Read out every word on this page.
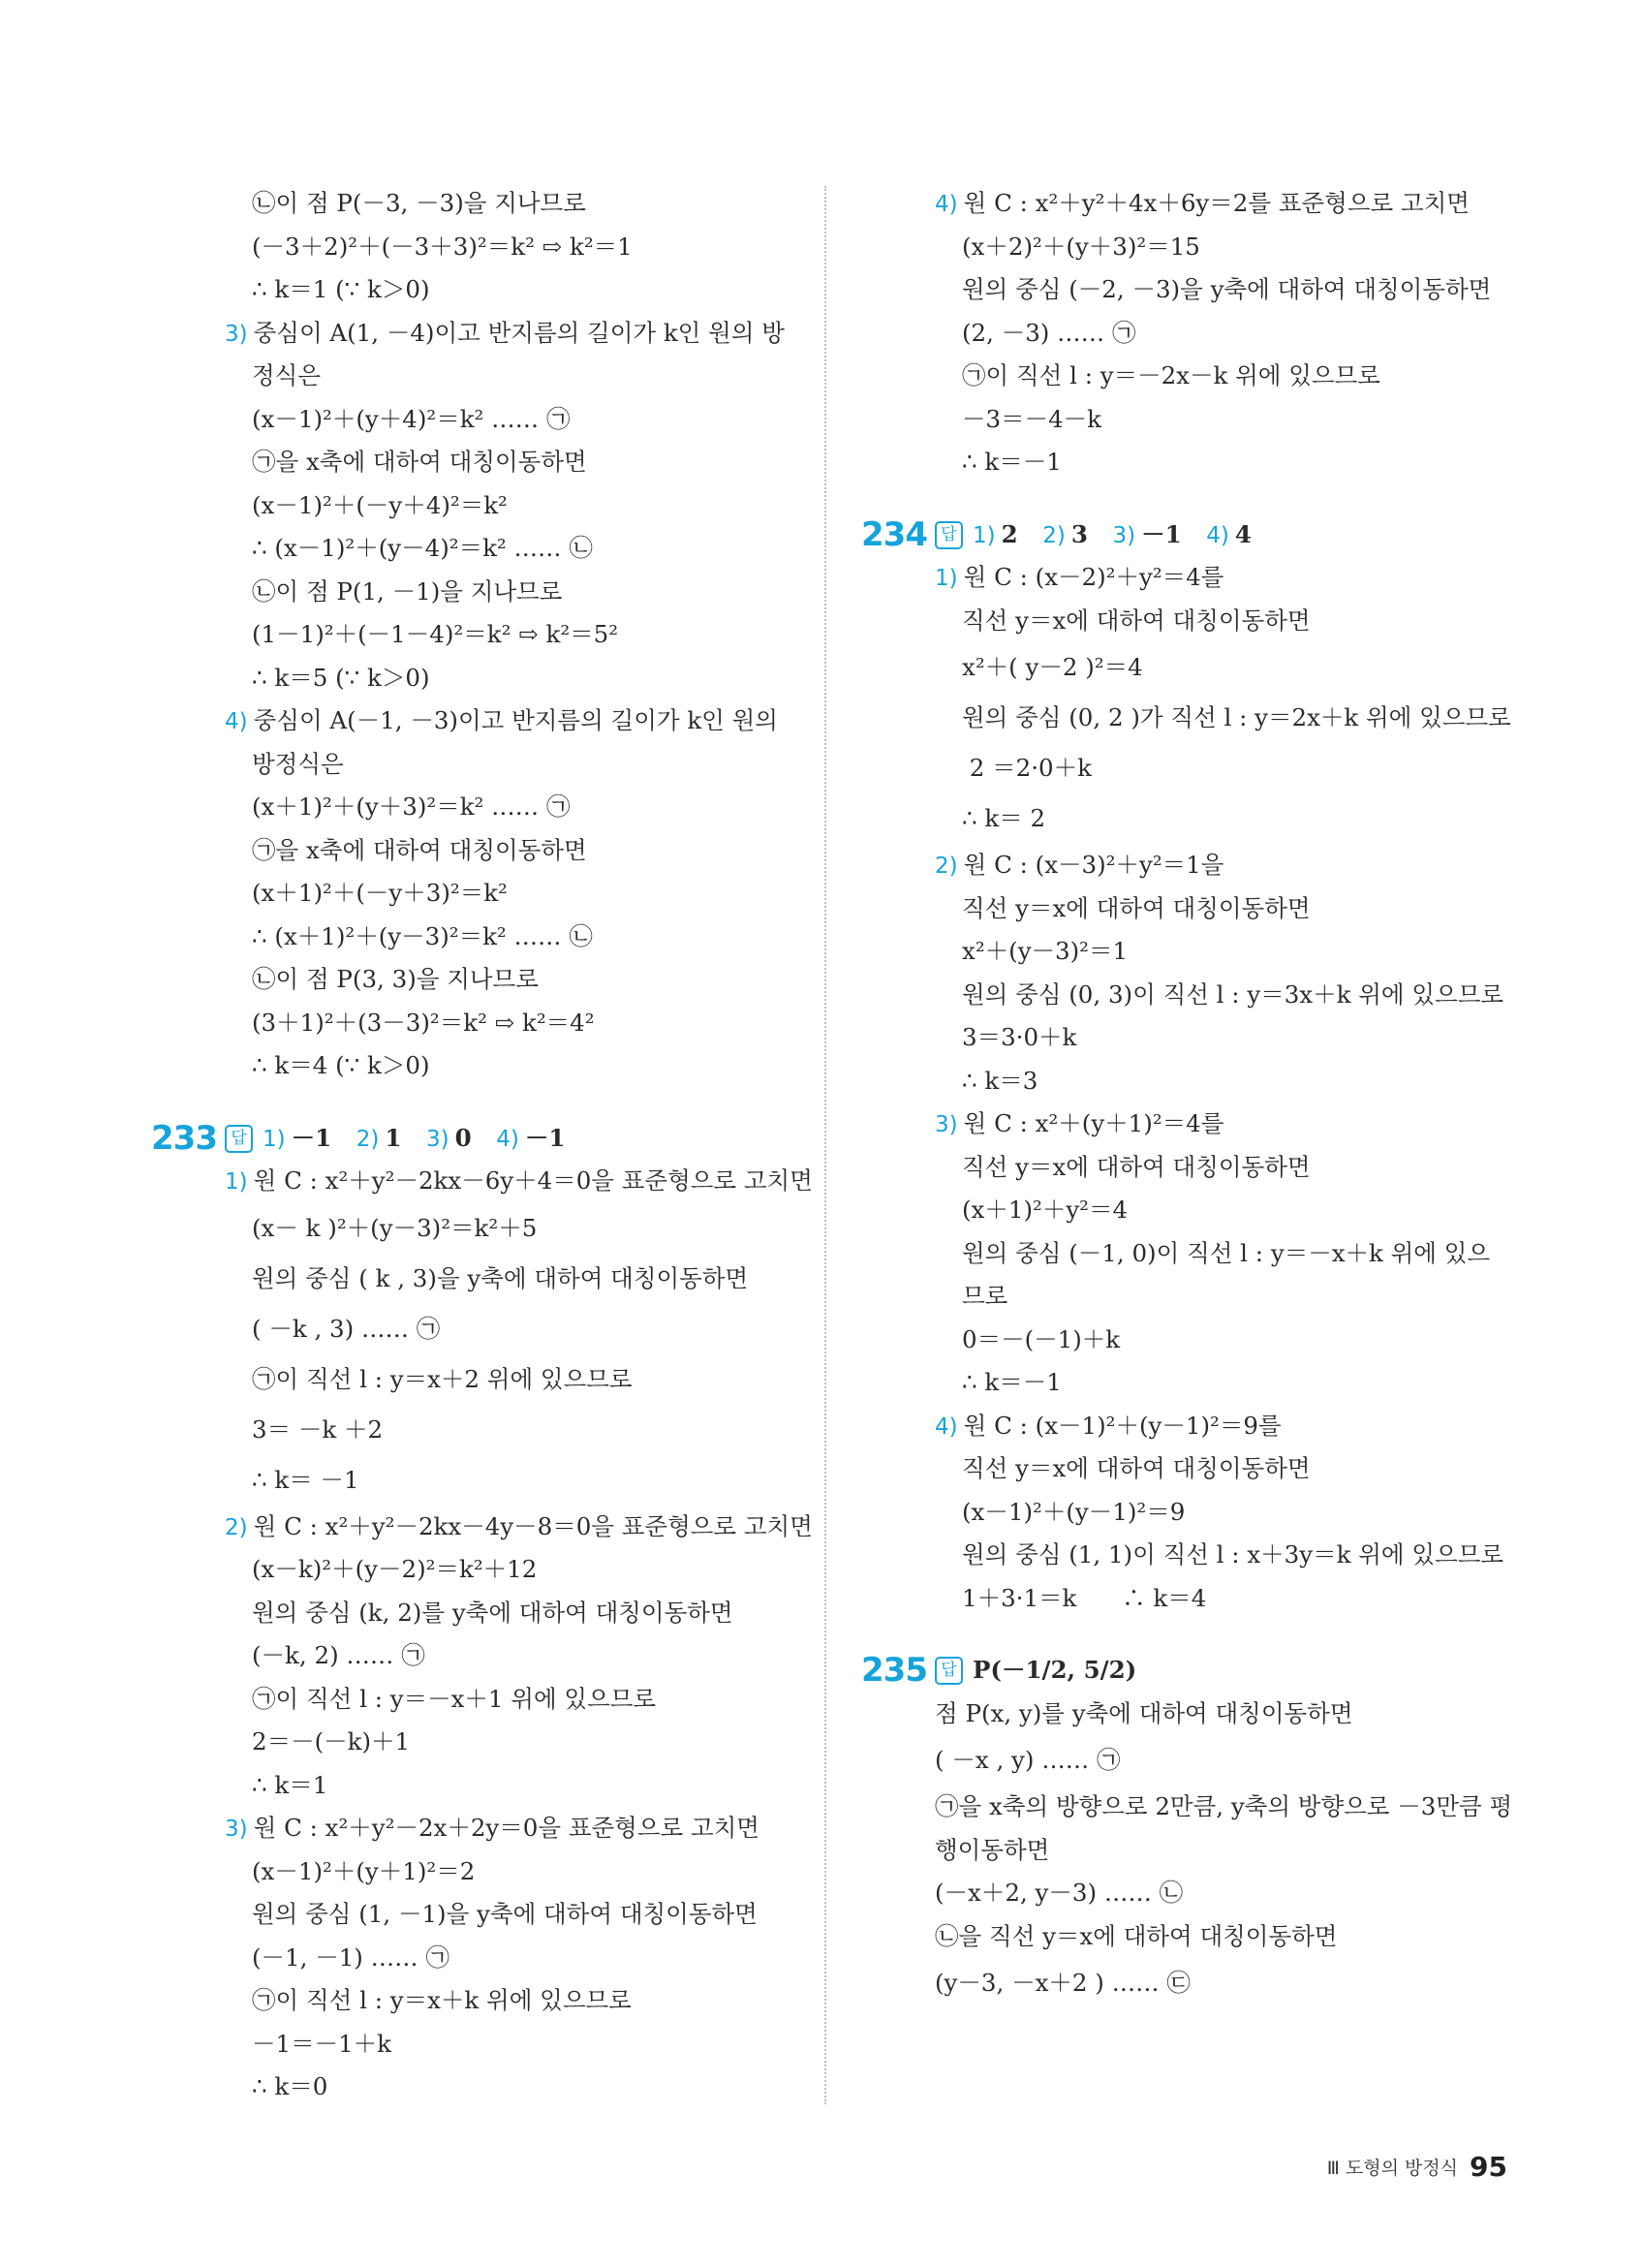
㉡이 점 P(－3, －3)을 지나므로
(－3＋2)²＋(－3＋3)²＝k² ⇨ k²＝1
∴ k＝1 (∵ k＞0)
3) 중심이 A(1, －4)이고 반지름의 길이가 k인 원의 방
정식은
(x－1)²＋(y＋4)²＝k² …… ㉠
㉠을 x축에 대하여 대칭이동하면
(x－1)²＋(－y＋4)²＝k²
∴ (x－1)²＋(y－4)²＝k² …… ㉡
㉡이 점 P(1, －1)을 지나므로
(1－1)²＋(－1－4)²＝k² ⇨ k²＝5²
∴ k＝5 (∵ k＞0)
4) 중심이 A(－1, －3)이고 반지름의 길이가 k인 원의
방정식은
(x＋1)²＋(y＋3)²＝k² …… ㉠
㉠을 x축에 대하여 대칭이동하면
(x＋1)²＋(－y＋3)²＝k²
∴ (x＋1)²＋(y－3)²＝k² …… ㉡
㉡이 점 P(3, 3)을 지나므로
(3＋1)²＋(3－3)²＝k² ⇨ k²＝4²
∴ k＝4 (∵ k＞0)
233 답 1) －1 2) 1 3) 0 4) －1
1) 원 C : x²＋y²－2kx－6y＋4＝0을 표준형으로 고치면
(x－ k )²＋(y－3)²＝k²＋5
원의 중심 ( k , 3)을 y축에 대하여 대칭이동하면
( －k , 3) …… ㉠
㉠이 직선 l : y＝x＋2 위에 있으므로
3＝ －k ＋2
∴ k＝ －1
2) 원 C : x²＋y²－2kx－4y－8＝0을 표준형으로 고치면
(x－k)²＋(y－2)²＝k²＋12
원의 중심 (k, 2)를 y축에 대하여 대칭이동하면
(－k, 2) …… ㉠
㉠이 직선 l : y＝－x＋1 위에 있으므로
2＝－(－k)＋1
∴ k＝1
3) 원 C : x²＋y²－2x＋2y＝0을 표준형으로 고치면
(x－1)²＋(y＋1)²＝2
원의 중심 (1, －1)을 y축에 대하여 대칭이동하면
(－1, －1) …… ㉠
㉠이 직선 l : y＝x＋k 위에 있으므로
－1＝－1＋k
∴ k＝0
4) 원 C : x²＋y²＋4x＋6y＝2를 표준형으로 고치면
(x＋2)²＋(y＋3)²＝15
원의 중심 (－2, －3)을 y축에 대하여 대칭이동하면
(2, －3) …… ㉠
㉠이 직선 l : y＝－2x－k 위에 있으므로
－3＝－4－k
∴ k＝－1
234 답 1) 2 2) 3 3) －1 4) 4
1) 원 C : (x－2)²＋y²＝4를
직선 y＝x에 대하여 대칭이동하면
x²＋( y－2 )²＝4
원의 중심 (0, 2 )가 직선 l : y＝2x＋k 위에 있으므로
2 ＝2·0＋k
∴ k＝ 2
2) 원 C : (x－3)²＋y²＝1을
직선 y＝x에 대하여 대칭이동하면
x²＋(y－3)²＝1
원의 중심 (0, 3)이 직선 l : y＝3x＋k 위에 있으므로
3＝3·0＋k
∴ k＝3
3) 원 C : x²＋(y＋1)²＝4를
직선 y＝x에 대하여 대칭이동하면
(x＋1)²＋y²＝4
원의 중심 (－1, 0)이 직선 l : y＝－x＋k 위에 있으
므로
0＝－(－1)＋k
∴ k＝－1
4) 원 C : (x－1)²＋(y－1)²＝9를
직선 y＝x에 대하여 대칭이동하면
(x－1)²＋(y－1)²＝9
원의 중심 (1, 1)이 직선 l : x＋3y＝k 위에 있으므로
1＋3·1＝k      ∴ k＝4
235 답 P(－1/2, 5/2)
점 P(x, y)를 y축에 대하여 대칭이동하면
( －x , y) …… ㉠
㉠을 x축의 방향으로 2만큼, y축의 방향으로 －3만큼 평
행이동하면
(－x＋2, y－3) …… ㉡
㉡을 직선 y＝x에 대하여 대칭이동하면
(y－3, －x＋2 ) …… ㉢
Ⅲ 도형의 방정식 95
